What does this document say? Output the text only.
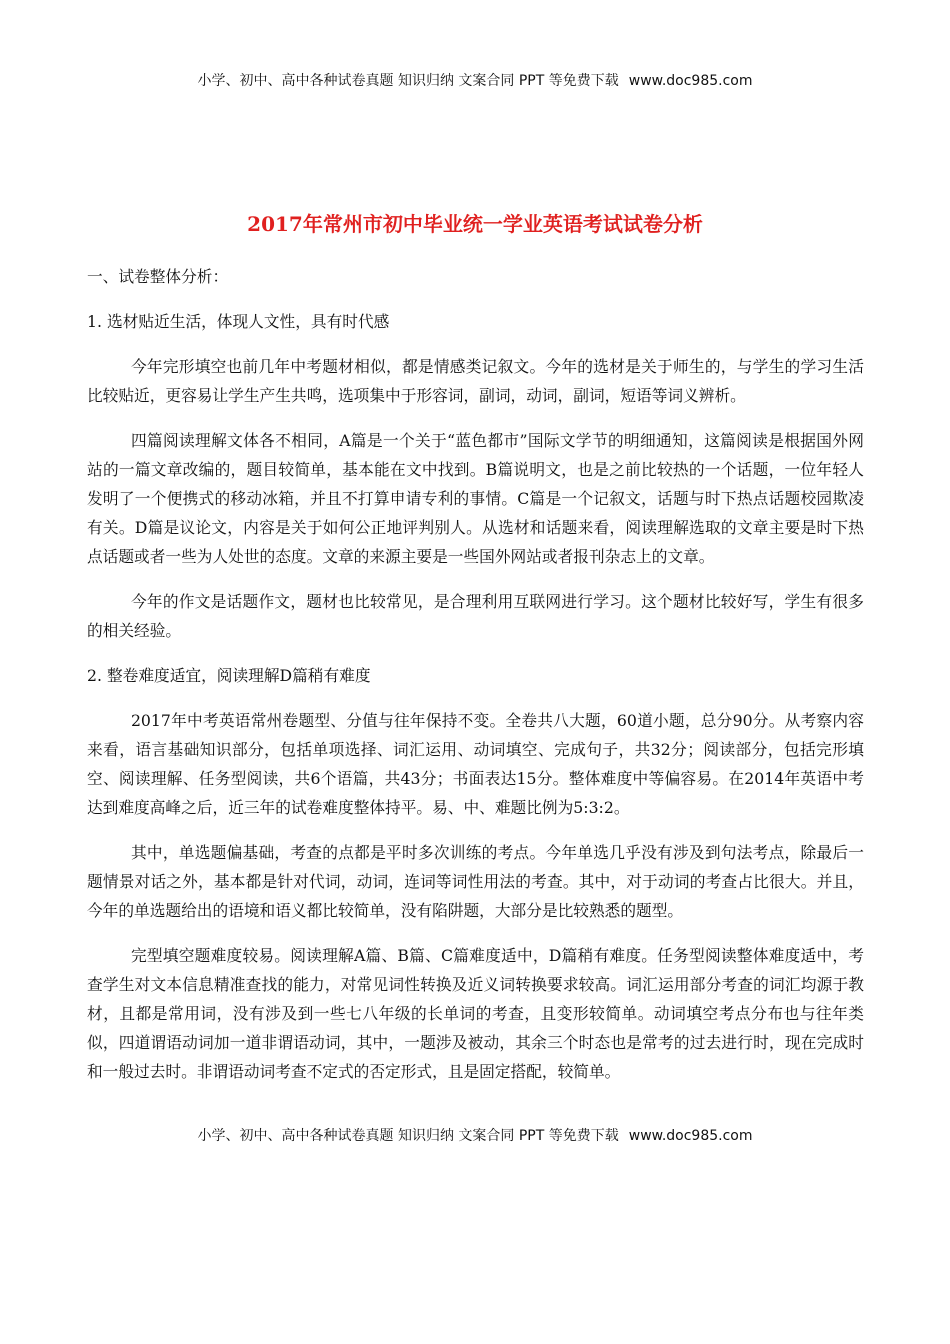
小学、初中、高中各种试卷真题 知识归纳 文案合同 PPT 等免费下载 www.doc985.com
2017年常州市初中毕业统一学业英语考试试卷分析

一、试卷整体分析：

1. 选材贴近生活，体现人文性，具有时代感

今年完形填空也前几年中考题材相似，都是情感类记叙文。今年的选材是关于师生的，与学生的学习生活比较贴近，更容易让学生产生共鸣，选项集中于形容词，副词，动词，副词，短语等词义辨析。

四篇阅读理解文体各不相同，A篇是一个关于“蓝色都市”国际文学节的明细通知，这篇阅读是根据国外网站的一篇文章改编的，题目较简单，基本能在文中找到。B篇说明文，也是之前比较热的一个话题，一位年轻人发明了一个便携式的移动冰箱，并且不打算申请专利的事情。C篇是一个记叙文，话题与时下热点话题校园欺凌有关。D篇是议论文，内容是关于如何公正地评判别人。从选材和话题来看，阅读理解选取的文章主要是时下热点话题或者一些为人处世的态度。文章的来源主要是一些国外网站或者报刊杂志上的文章。

今年的作文是话题作文，题材也比较常见，是合理利用互联网进行学习。这个题材比较好写，学生有很多的相关经验。

2. 整卷难度适宜，阅读理解D篇稍有难度

2017年中考英语常州卷题型、分值与往年保持不变。全卷共八大题，60道小题，总分90分。从考察内容来看，语言基础知识部分，包括单项选择、词汇运用、动词填空、完成句子，共32分；阅读部分，包括完形填空、阅读理解、任务型阅读，共6个语篇，共43分；书面表达15分。整体难度中等偏容易。在2014年英语中考达到难度高峰之后，近三年的试卷难度整体持平。易、中、难题比例为5:3:2。

其中，单选题偏基础，考查的点都是平时多次训练的考点。今年单选几乎没有涉及到句法考点，除最后一题情景对话之外，基本都是针对代词，动词，连词等词性用法的考查。其中，对于动词的考查占比很大。并且，今年的单选题给出的语境和语义都比较简单，没有陷阱题，大部分是比较熟悉的题型。

完型填空题难度较易。阅读理解A篇、B篇、C篇难度适中，D篇稍有难度。任务型阅读整体难度适中，考查学生对文本信息精准查找的能力，对常见词性转换及近义词转换要求较高。词汇运用部分考查的词汇均源于教材，且都是常用词，没有涉及到一些七八年级的长单词的考查，且变形较简单。动词填空考点分布也与往年类似，四道谓语动词加一道非谓语动词，其中，一题涉及被动，其余三个时态也是常考的过去进行时，现在完成时和一般过去时。非谓语动词考查不定式的否定形式，且是固定搭配，较简单。

小学、初中、高中各种试卷真题 知识归纳 文案合同 PPT 等免费下载 www.doc985.com
